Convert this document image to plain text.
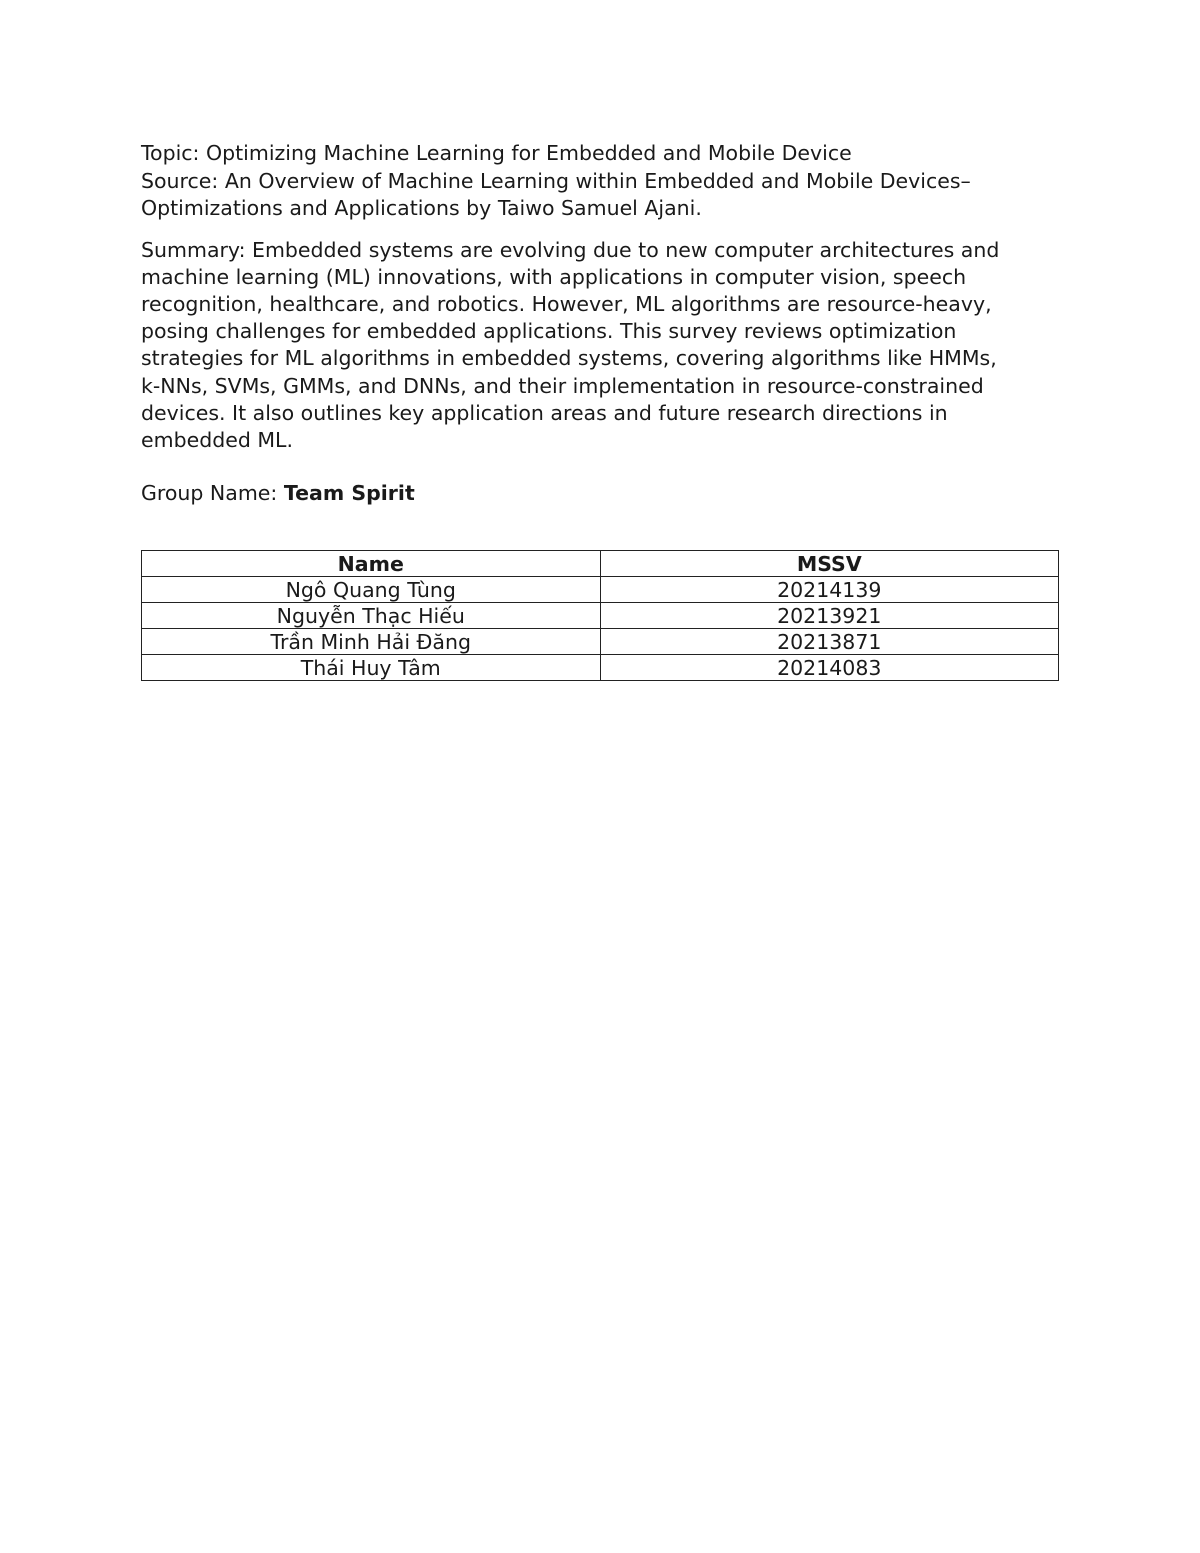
Topic: Optimizing Machine Learning for Embedded and Mobile Device

Source: An Overview of Machine Learning within Embedded and Mobile Devices–

Optimizations and Applications by Taiwo Samuel Ajani.

Summary: Embedded systems are evolving due to new computer architectures and
machine learning (ML) innovations, with applications in computer vision, speech
recognition, healthcare, and robotics. However, ML algorithms are resource-heavy,
posing challenges for embedded applications. This survey reviews optimization
strategies for ML algorithms in embedded systems, covering algorithms like HMMs,
k-NNs, SVMs, GMMs, and DNNs, and their implementation in resource-constrained
devices. It also outlines key application areas and future research directions in
embedded ML.

Group Name: Team Spirit

Name	MSSV
Ngô Quang Tùng	20214139
Nguyễn Thạc Hiếu	20213921
Trần Minh Hải Đăng	20213871
Thái Huy Tâm	20214083
